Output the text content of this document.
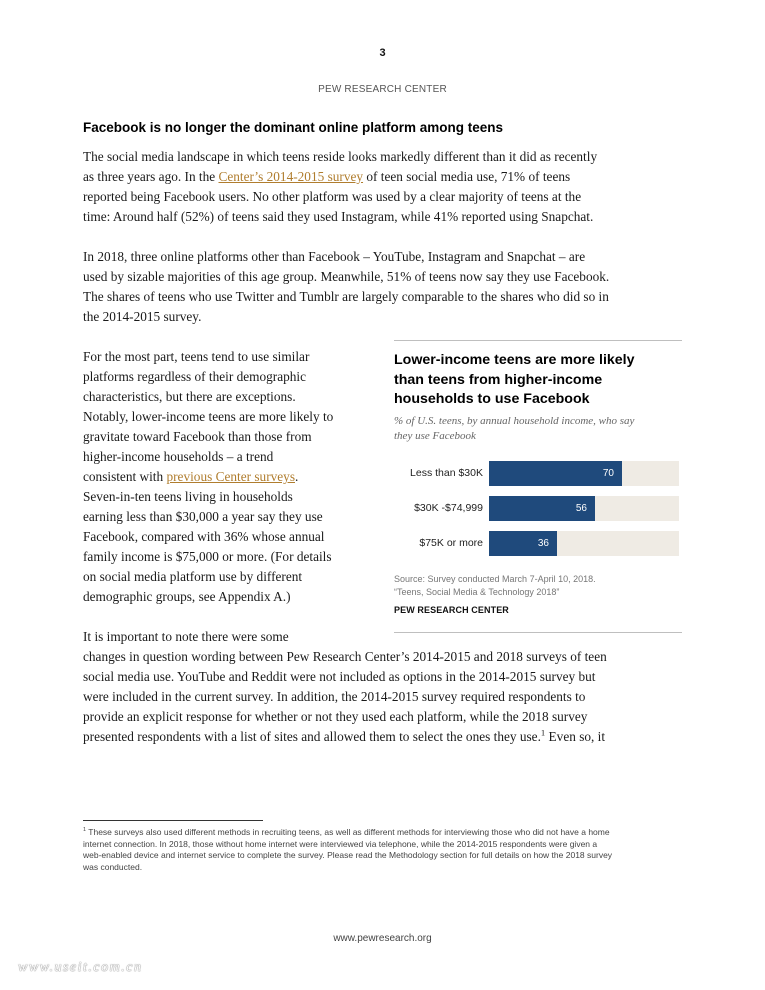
3
PEW RESEARCH CENTER
Facebook is no longer the dominant online platform among teens

The social media landscape in which teens reside looks markedly different than it did as recently
as three years ago. In the Center’s 2014-2015 survey of teen social media use, 71% of teens
reported being Facebook users. No other platform was used by a clear majority of teens at the
time: Around half (52%) of teens said they used Instagram, while 41% reported using Snapchat.

In 2018, three online platforms other than Facebook – YouTube, Instagram and Snapchat – are
used by sizable majorities of this age group. Meanwhile, 51% of teens now say they use Facebook.
The shares of teens who use Twitter and Tumblr are largely comparable to the shares who did so in
the 2014-2015 survey.

For the most part, teens tend to use similar
platforms regardless of their demographic
characteristics, but there are exceptions.
Notably, lower-income teens are more likely to
gravitate toward Facebook than those from
higher-income households – a trend
consistent with previous Center surveys.
Seven-in-ten teens living in households
earning less than $30,000 a year say they use
Facebook, compared with 36% whose annual
family income is $75,000 or more. (For details
on social media platform use by different
demographic groups, see Appendix A.)

Lower-income teens are more likely
than teens from higher-income
households to use Facebook
% of U.S. teens, by annual household income, who say
they use Facebook
Less than $30K	70
$30K -$74,999	56
$75K or more	36
Source: Survey conducted March 7-April 10, 2018.
“Teens, Social Media & Technology 2018”
PEW RESEARCH CENTER

It is important to note there were some
changes in question wording between Pew Research Center’s 2014-2015 and 2018 surveys of teen
social media use. YouTube and Reddit were not included as options in the 2014-2015 survey but
were included in the current survey. In addition, the 2014-2015 survey required respondents to
provide an explicit response for whether or not they used each platform, while the 2018 survey
presented respondents with a list of sites and allowed them to select the ones they use.$^1$ Even so, it

$^1$ These surveys also used different methods in recruiting teens, as well as different methods for interviewing those who did not have a home
internet connection. In 2018, those without home internet were interviewed via telephone, while the 2014-2015 respondents were given a
web-enabled device and internet service to complete the survey. Please read the Methodology section for full details on how the 2018 survey
was conducted.
www.pewresearch.org
www.useit.com.cn
